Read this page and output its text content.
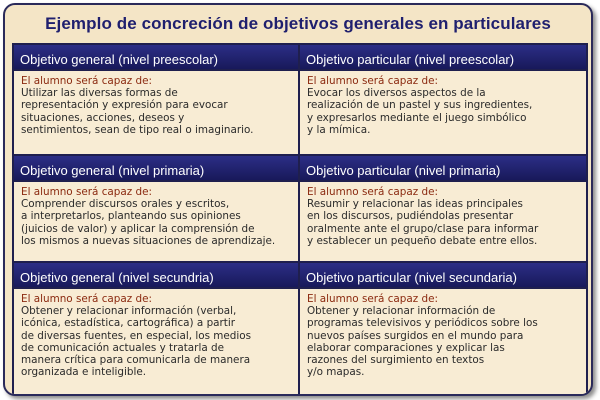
Ejemplo de concreción de objetivos generales en particulares
Objetivo general (nivel preescolar)	Objetivo particular (nivel preescolar)
El alumno será capaz de:
Utilizar las diversas formas de
representación y expresión para evocar
situaciones, acciones, deseos y
sentimientos, sean de tipo real o imaginario.
El alumno será capaz de:
Evocar los diversos aspectos de la
realización de un pastel y sus ingredientes,
y expresarlos mediante el juego simbólico
y la mímica.
Objetivo general (nivel primaria)	Objetivo particular (nivel primaria)
El alumno será capaz de:
Comprender discursos orales y escritos,
a interpretarlos, planteando sus opiniones
(juicios de valor) y aplicar la comprensión de
los mismos a nuevas situaciones de aprendizaje.
El alumno será capaz de:
Resumir y relacionar las ideas principales
en los discursos, pudiéndolas presentar
oralmente ante el grupo/clase para informar
y establecer un pequeño debate entre ellos.
Objetivo general (nivel secundria)	Objetivo particular (nivel secundaria)
El alumno será capaz de:
Obtener y relacionar información (verbal,
icónica, estadística, cartográfica) a partir
de diversas fuentes, en especial, los medios
de comunicación actuales y tratarla de
manera crítica para comunicarla de manera
organizada e inteligible.
El alumno será capaz de:
Obtener y relacionar información de
programas televisivos y periódicos sobre los
nuevos países surgidos en el mundo para
elaborar comparaciones y explicar las
razones del surgimiento en textos
y/o mapas.
